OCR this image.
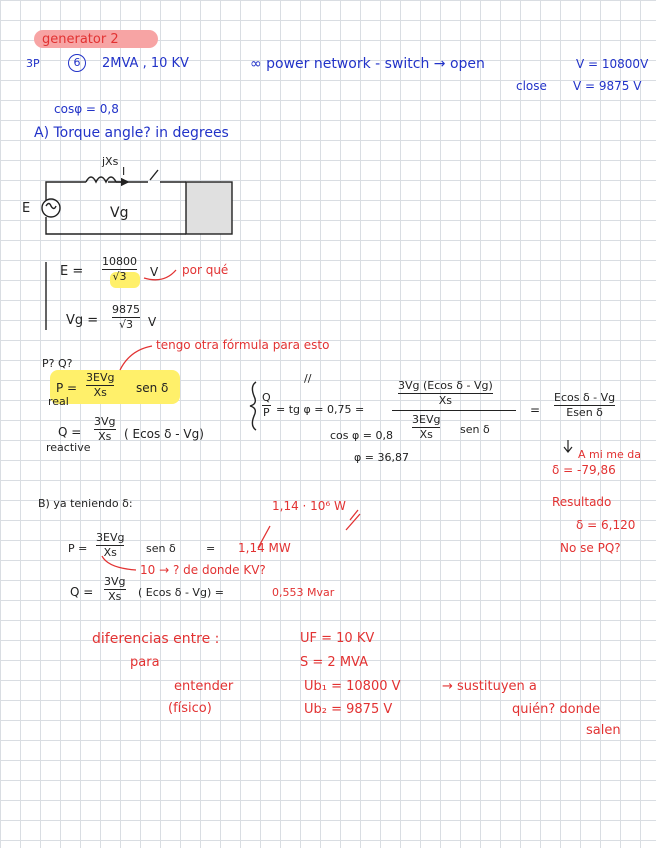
generator 2
3P	6	2MVA , 10 KV	∞ power network - switch → open	V = 10800V
close V = 9875 V
cosφ = 0,8
A) Torque angle? in degrees
jXs
I
E	Vg
E =
10800
√3 V por qué
Vg =
9875
√3 V
P? Q?
tengo otra fórmula para esto
P =
3EVg
Xs sen δ
real
Q =
3Vg
Xs ( Ecos δ - Vg)
reactive
Q
P = tg φ = 0,75 =
//
3Vg (Ecos δ - Vg)
Xs
3EVg
Xs sen δ
=
Ecos δ - Vg
Esen δ
cos φ = 0,8
φ = 36,87	A mi me da
δ = -79,86
Resultado
δ = 6,120
No se PQ?
B) ya teniendo δ:	1,14 · 10⁶ W
P =
3EVg
Xs	sen δ	= 1,14 MW
10 → ? de donde KV?
Q =
3Vg
Xs ( Ecos δ - Vg) =	0,553 Mvar
diferencias entre :
para
entender
(físico)
UF = 10 KV
S = 2 MVA
Ub₁ = 10800 V
Ub₂ = 9875 V
→ sustituyen a
quién? donde
salen
